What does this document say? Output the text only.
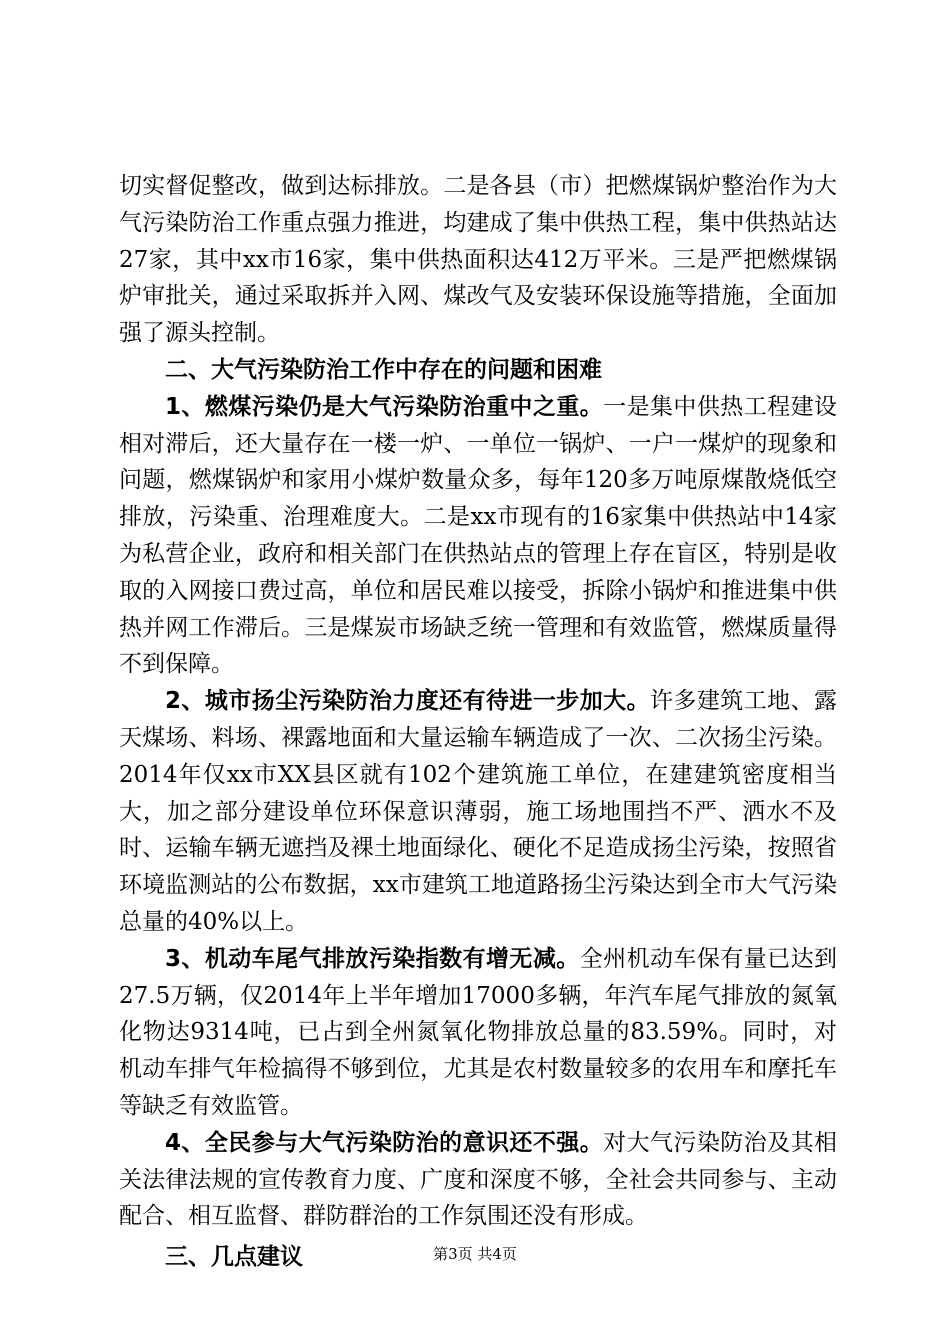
切实督促整改，做到达标排放。二是各县（市）把燃煤锅炉整治作为大气污染防治工作重点强力推进，均建成了集中供热工程，集中供热站达27家，其中xx市16家，集中供热面积达412万平米。三是严把燃煤锅炉审批关，通过采取拆并入网、煤改气及安装环保设施等措施，全面加强了源头控制。

二、大气污染防治工作中存在的问题和困难

1、燃煤污染仍是大气污染防治重中之重。一是集中供热工程建设相对滞后，还大量存在一楼一炉、一单位一锅炉、一户一煤炉的现象和问题，燃煤锅炉和家用小煤炉数量众多，每年120多万吨原煤散烧低空排放，污染重、治理难度大。二是xx市现有的16家集中供热站中14家为私营企业，政府和相关部门在供热站点的管理上存在盲区，特别是收取的入网接口费过高，单位和居民难以接受，拆除小锅炉和推进集中供热并网工作滞后。三是煤炭市场缺乏统一管理和有效监管，燃煤质量得不到保障。

2、城市扬尘污染防治力度还有待进一步加大。许多建筑工地、露天煤场、料场、裸露地面和大量运输车辆造成了一次、二次扬尘污染。2014年仅xx市XX县区就有102个建筑施工单位，在建建筑密度相当大，加之部分建设单位环保意识薄弱，施工场地围挡不严、洒水不及时、运输车辆无遮挡及裸土地面绿化、硬化不足造成扬尘污染，按照省环境监测站的公布数据，xx市建筑工地道路扬尘污染达到全市大气污染总量的40%以上。

3、机动车尾气排放污染指数有增无减。全州机动车保有量已达到27.5万辆，仅2014年上半年增加17000多辆，年汽车尾气排放的氮氧化物达9314吨，已占到全州氮氧化物排放总量的83.59%。同时，对机动车排气年检搞得不够到位，尤其是农村数量较多的农用车和摩托车等缺乏有效监管。

4、全民参与大气污染防治的意识还不强。对大气污染防治及其相关法律法规的宣传教育力度、广度和深度不够，全社会共同参与、主动配合、相互监督、群防群治的工作氛围还没有形成。

三、几点建议	第3页 共4页
